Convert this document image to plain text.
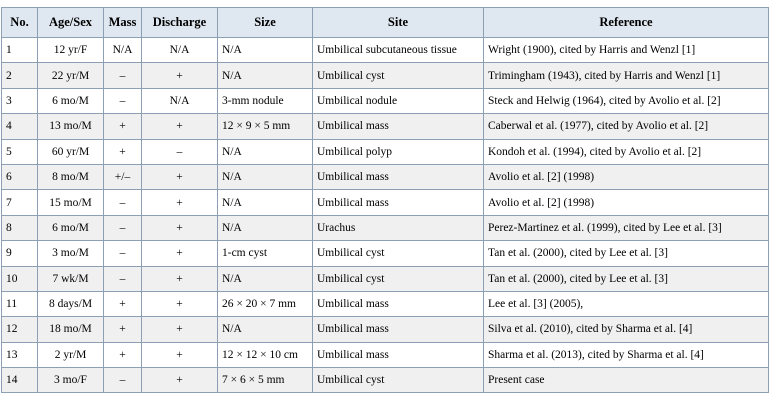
No.	Age/Sex	Mass	Discharge	Size	Site	Reference
1	12 yr/F	N/A	N/A	N/A	Umbilical subcutaneous tissue	Wright (1900), cited by Harris and Wenzl [1]
2	22 yr/M	–	+	N/A	Umbilical cyst	Trimingham (1943), cited by Harris and Wenzl [1]
3	6 mo/M	–	N/A	3-mm nodule	Umbilical nodule	Steck and Helwig (1964), cited by Avolio et al. [2]
4	13 mo/M	+	+	12 × 9 × 5 mm	Umbilical mass	Caberwal et al. (1977), cited by Avolio et al. [2]
5	60 yr/M	+	–	N/A	Umbilical polyp	Kondoh et al. (1994), cited by Avolio et al. [2]
6	8 mo/M	+/–	+	N/A	Umbilical mass	Avolio et al. [2] (1998)
7	15 mo/M	–	+	N/A	Umbilical mass	Avolio et al. [2] (1998)
8	6 mo/M	–	+	N/A	Urachus	Perez-Martinez et al. (1999), cited by Lee et al. [3]
9	3 mo/M	–	+	1-cm cyst	Umbilical cyst	Tan et al. (2000), cited by Lee et al. [3]
10	7 wk/M	–	+	N/A	Umbilical cyst	Tan et al. (2000), cited by Lee et al. [3]
11	8 days/M	+	+	26 × 20 × 7 mm	Umbilical mass	Lee et al. [3] (2005),
12	18 mo/M	+	+	N/A	Umbilical mass	Silva et al. (2010), cited by Sharma et al. [4]
13	2 yr/M	+	+	12 × 12 × 10 cm	Umbilical mass	Sharma et al. (2013), cited by Sharma et al. [4]
14	3 mo/F	–	+	7 × 6 × 5 mm	Umbilical cyst	Present case
